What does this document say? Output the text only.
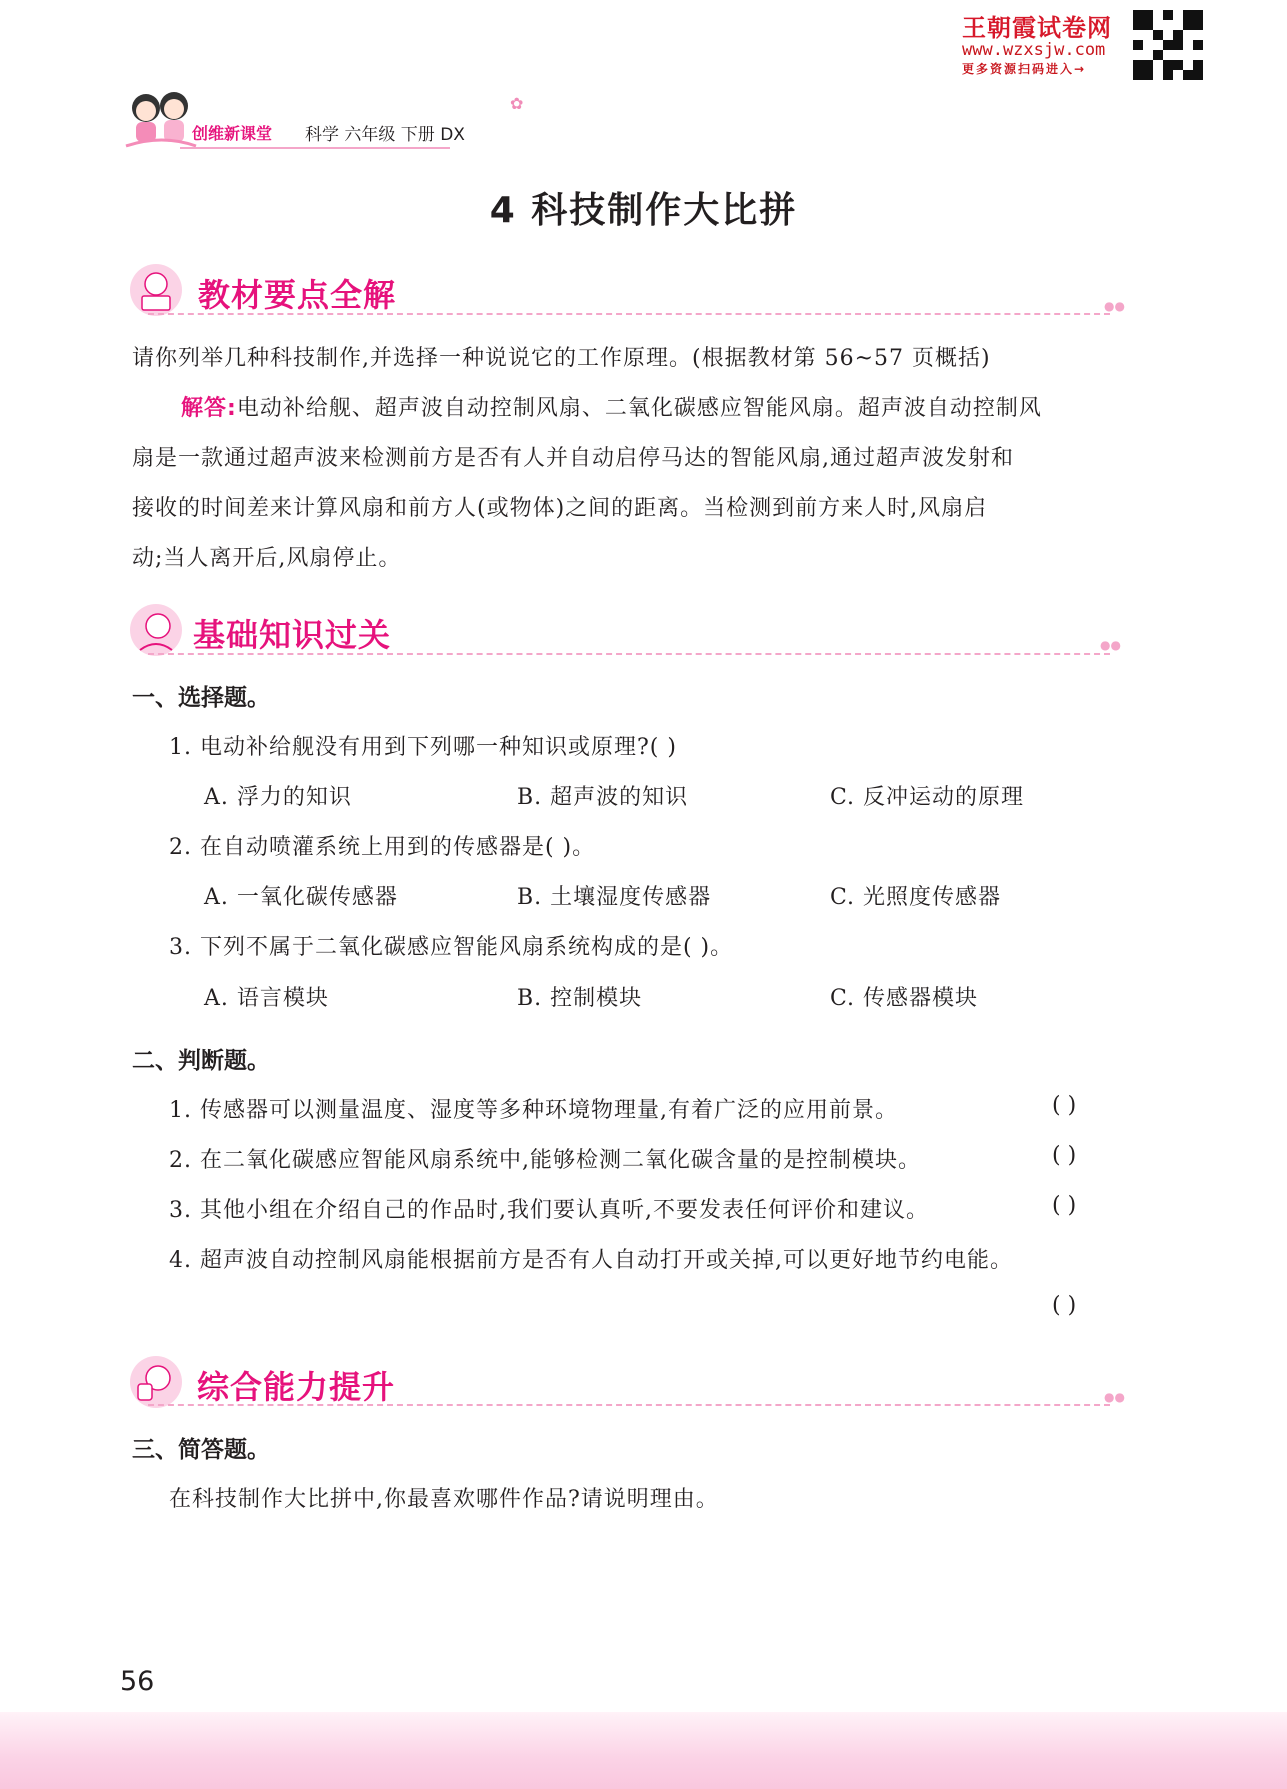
王朝霞试卷网
www.wzxsjw.com
更多资源扫码进入→
创维新课堂 科学 六年级 下册 DX
✿
4 科技制作大比拼
教材要点全解	●●
请你列举几种科技制作,并选择一种说说它的工作原理。(根据教材第 56~57 页概括)
解答:电动补给舰、超声波自动控制风扇、二氧化碳感应智能风扇。超声波自动控制风
扇是一款通过超声波来检测前方是否有人并自动启停马达的智能风扇,通过超声波发射和
接收的时间差来计算风扇和前方人(或物体)之间的距离。当检测到前方来人时,风扇启
动;当人离开后,风扇停止。
基础知识过关	●●
一、选择题。
1. 电动补给舰没有用到下列哪一种知识或原理?( )
A. 浮力的知识	B. 超声波的知识	C. 反冲运动的原理
2. 在自动喷灌系统上用到的传感器是( )。
A. 一氧化碳传感器	B. 土壤湿度传感器	C. 光照度传感器
3. 下列不属于二氧化碳感应智能风扇系统构成的是( )。
A. 语言模块	B. 控制模块	C. 传感器模块
二、判断题。
1. 传感器可以测量温度、湿度等多种环境物理量,有着广泛的应用前景。	( )
2. 在二氧化碳感应智能风扇系统中,能够检测二氧化碳含量的是控制模块。	( )
3. 其他小组在介绍自己的作品时,我们要认真听,不要发表任何评价和建议。	( )
4. 超声波自动控制风扇能根据前方是否有人自动打开或关掉,可以更好地节约电能。
( )
综合能力提升	●●
三、简答题。
在科技制作大比拼中,你最喜欢哪件作品?请说明理由。
56
